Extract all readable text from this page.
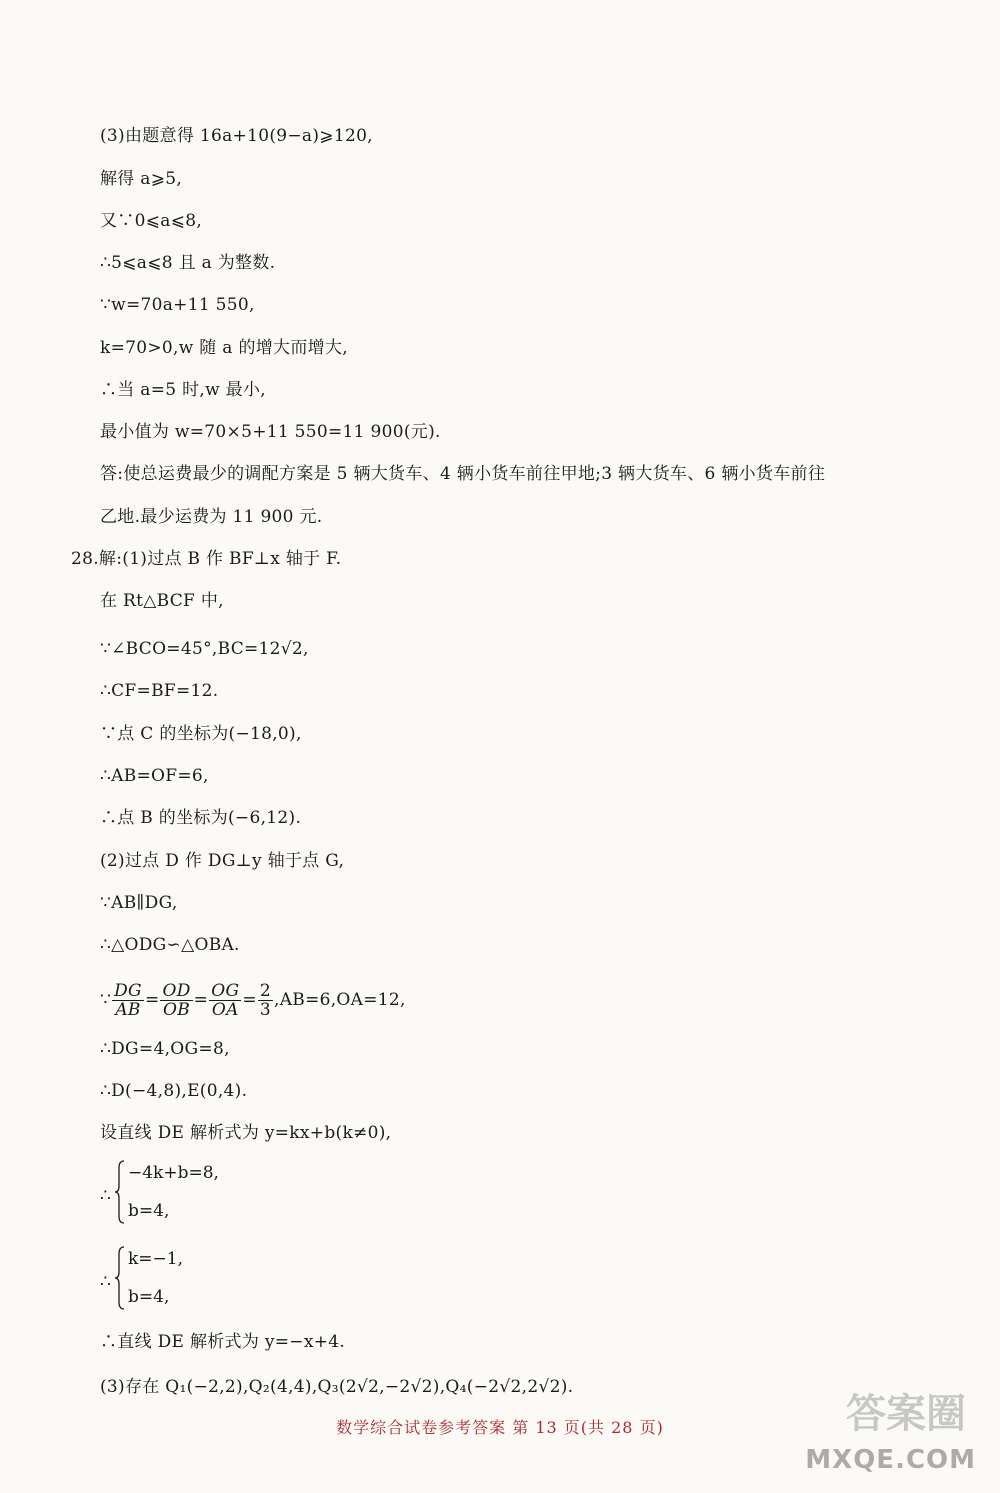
(3)由题意得 16a+10(9−a)⩾120,
解得 a⩾5,
又∵0⩽a⩽8,
∴5⩽a⩽8 且 a 为整数.
∵w=70a+11 550,
k=70>0,w 随 a 的增大而增大,
∴当 a=5 时,w 最小,
最小值为 w=70×5+11 550=11 900(元).
答:使总运费最少的调配方案是 5 辆大货车、4 辆小货车前往甲地;3 辆大货车、6 辆小货车前往
乙地.最少运费为 11 900 元.
28.解:(1)过点 B 作 BF⊥x 轴于 F.
在 Rt△BCF 中,
∵∠BCO=45°,BC=12√2,
∴CF=BF=12.
∵点 C 的坐标为(−18,0),
∴AB=OF=6,
∴点 B 的坐标为(−6,12).
(2)过点 D 作 DG⊥y 轴于点 G,
∵AB∥DG,
∴△ODG∽△OBA.
∵ $\frac{DG}{AB} = \frac{OD}{OB} = \frac{OG}{OA} = \frac{2}{3} ,AB=6,OA=12$,
∴DG=4,OG=8,
∴D(−4,8),E(0,4).
设直线 DE 解析式为 y=kx+b(k≠0),
∴
−4k+b=8,
b=4,
∴
k=−1,
b=4,
∴直线 DE 解析式为 y=−x+4.
(3)存在 Q₁(−2,2),Q₂(4,4),Q₃(2√2,−2√2),Q₄(−2√2,2√2).
数学综合试卷参考答案 第 13 页(共 28 页)	答案圈
MXQE.COM
